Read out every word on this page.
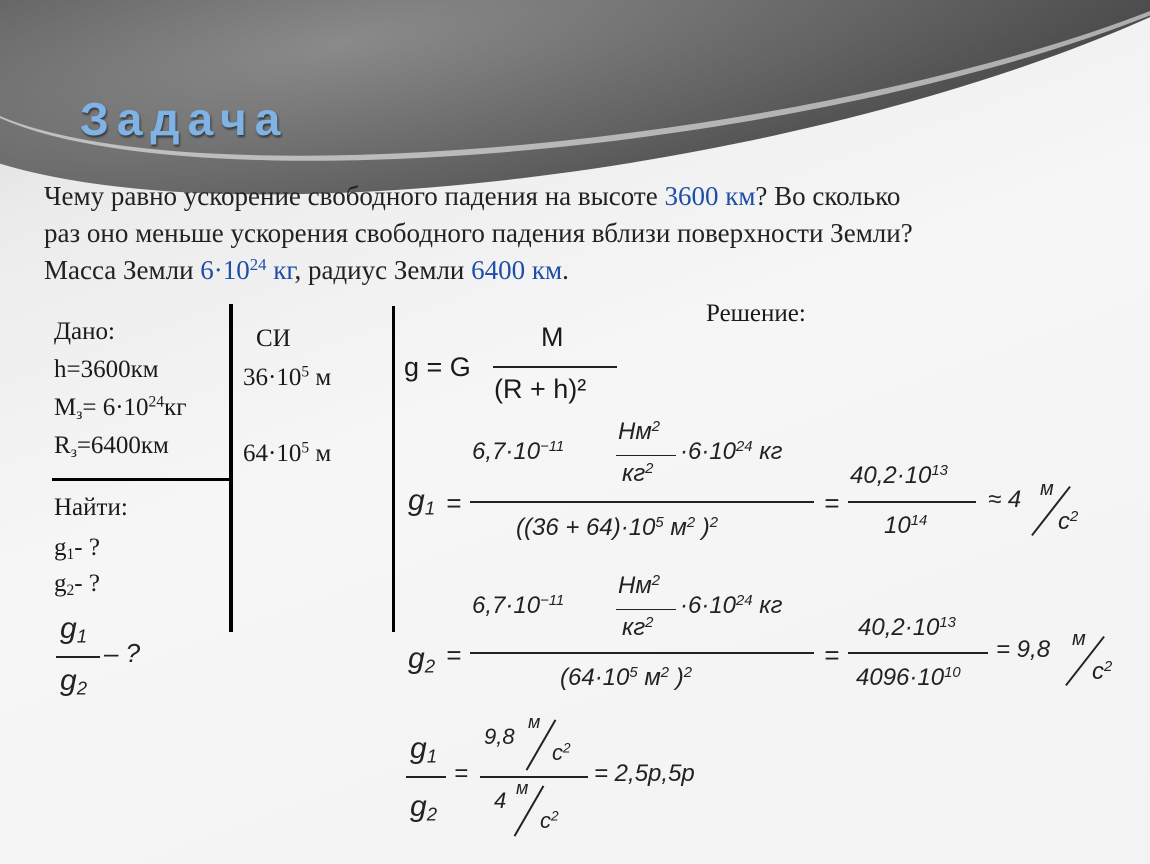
Задача
Чему равно ускорение свободного падения на высоте 3600 км? Во сколько
раз оно меньше ускорения свободного падения вблизи поверхности Земли?
Масса Земли $6\cdot 10^{24}$ кг, радиус Земли 6400 км.
Дано:
h=3600км
$M_з= 6\cdot 10^{24}кг$
$R_з=6400км$
Найти:
$g_1-$ ?
$g_2-$ ?
$g_1$
$g_2$
– ?
СИ
$36\cdot 10^5$ м
$64\cdot 10^5$ м
Решение:
g = G
M
(R + h)²
$g_1$ =
$6,7\cdot 10^{-11}$
$Нм^2$
$кг^2$
$\cdot 6\cdot 10^{24}$ кг
($(36 + 64)\cdot 10^5$ $м^2$ )$^2$
=
$40,2\cdot 10^{13}$
$10^{14}$
≈ 4 м
$с^2$
$g_2$ =
$6,7\cdot 10^{-11}$
$Нм^2$
$кг^2$
$\cdot 6\cdot 10^{24}$ кг
($64\cdot 10^5$ $м^2$ )$^2$
=
$40,2\cdot 10^{13}$
$4096\cdot 10^{10}$
= 9,8 м
$с^2$
$g_1$
$g_2$
=
9,8
м
$с^2$
4 м
$с^2$
= 2,5р,5р
